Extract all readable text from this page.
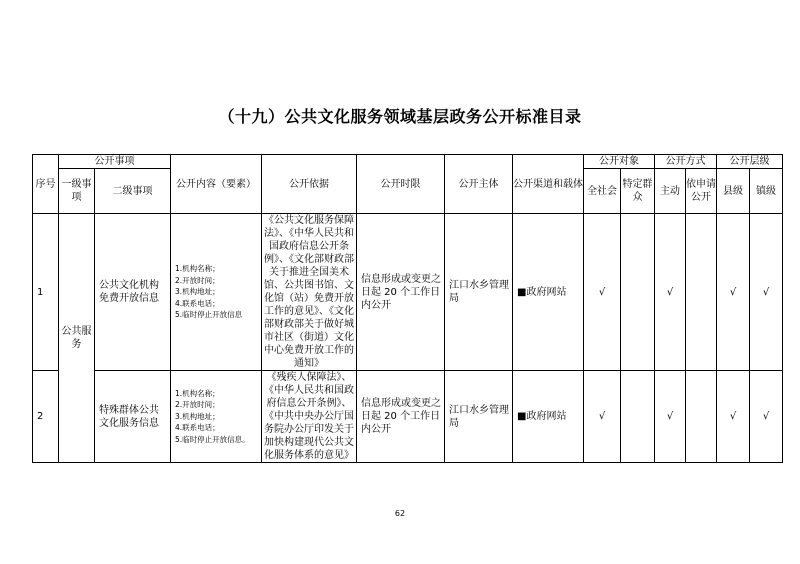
（十九）公共文化服务领域基层政务公开标准目录
序号	公开事项		公开内容（要素）	公开依据	公开时限	公开主体	公开渠道和载体	公开对象		公开方式		公开层级	
	一级事项	二级事项						全社会	特定群众	主动	依申请公开	县级	镇级
1	公共服务	公共文化机构免费开放信息	1.机构名称；
2.开放时间；
3.机构地址；
4.联系电话；
5.临时停止开放信息	《公共文化服务保障法》、《中华人民共和国政府信息公开条例》、《文化部财政部关于推进全国美术馆、公共图书馆、文化馆（站）免费开放工作的意见》、《文化部财政部关于做好城市社区（街道）文化中心免费开放工作的通知》	信息形成或变更之日起 20 个工作日内公开	江口水乡管理局	■政府网站	√		√		√	√
2		特殊群体公共文化服务信息	1.机构名称；
2.开放时间；
3.机构地址；
4.联系电话；
5.临时停止开放信息。	《残疾人保障法》、《中华人民共和国政府信息公开条例》、《中共中央办公厅国务院办公厅印发关于加快构建现代公共文化服务体系的意见》	信息形成或变更之日起 20 个工作日内公开	江口水乡管理局	■政府网站	√		√		√	√
62
